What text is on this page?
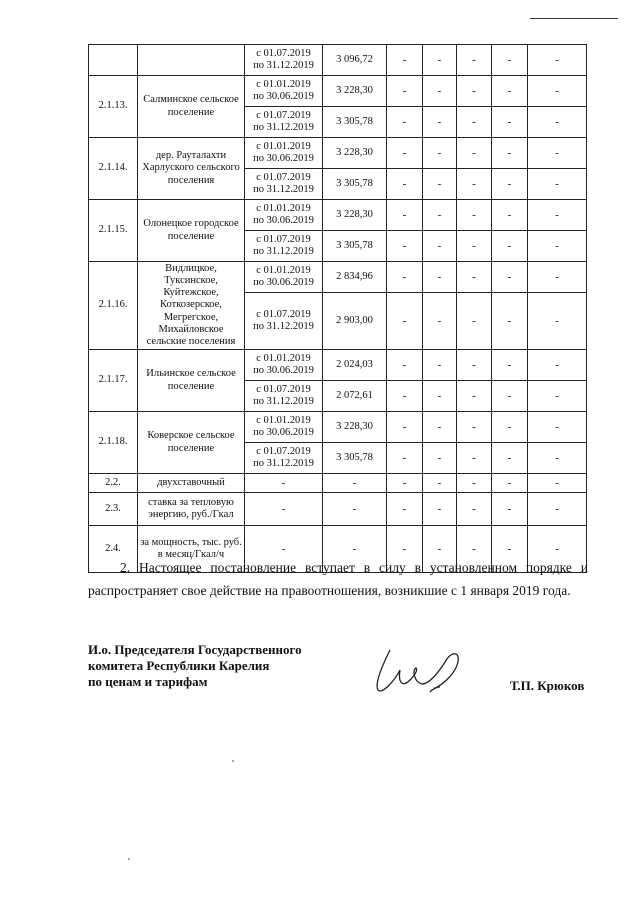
		с 01.07.2019
по 31.12.2019	3 096,72	-	-	-	-	-
2.1.13.	Салминское сельское поселение	с 01.01.2019
по 30.06.2019	3 228,30	-	-	-	-	-

		с 01.07.2019
по 31.12.2019	3 305,78	-	-	-	-	-
2.1.14.	дер. Рауталахти Харлуского сельского поселения	с 01.01.2019
по 30.06.2019	3 228,30	-	-	-	-	-

		с 01.07.2019
по 31.12.2019	3 305,78	-	-	-	-	-
2.1.15.	Олонецкое городское поселение	с 01.01.2019
по 30.06.2019	3 228,30	-	-	-	-	-

		с 01.07.2019
по 31.12.2019	3 305,78	-	-	-	-	-
2.1.16.	Видлицкое, Туксинское, Куйтежское, Коткозерское, Мегрегское, Михайловское сельские поселения	с 01.01.2019
по 30.06.2019	2 834,96	-	-	-	-	-

		с 01.07.2019
по 31.12.2019	2 903,00	-	-	-	-	-
2.1.17.	Ильинское сельское поселение	с 01.01.2019
по 30.06.2019	2 024,03	-	-	-	-	-

		с 01.07.2019
по 31.12.2019	2 072,61	-	-	-	-	-
2.1.18.	Коверское сельское поселение	с 01.01.2019
по 30.06.2019	3 228,30	-	-	-	-	-

		с 01.07.2019
по 31.12.2019	3 305,78	-	-	-	-	-
2.2.	двухставочный	-	-	-	-	-	-	-
2.3.	ставка за тепловую энергию, руб./Гкал	-	-	-	-	-	-	-
2.4.	за мощность, тыс. руб. в месяц/Гкал/ч	-	-	-	-	-	-	-
2. Настоящее постановление вступает в силу в установленном порядке и
распространяет свое действие на правоотношения, возникшие с 1 января 2019 года.
И.о. Председателя Государственного
комитета Республики Карелия
по ценам и тарифам	Т.П. Крюков
